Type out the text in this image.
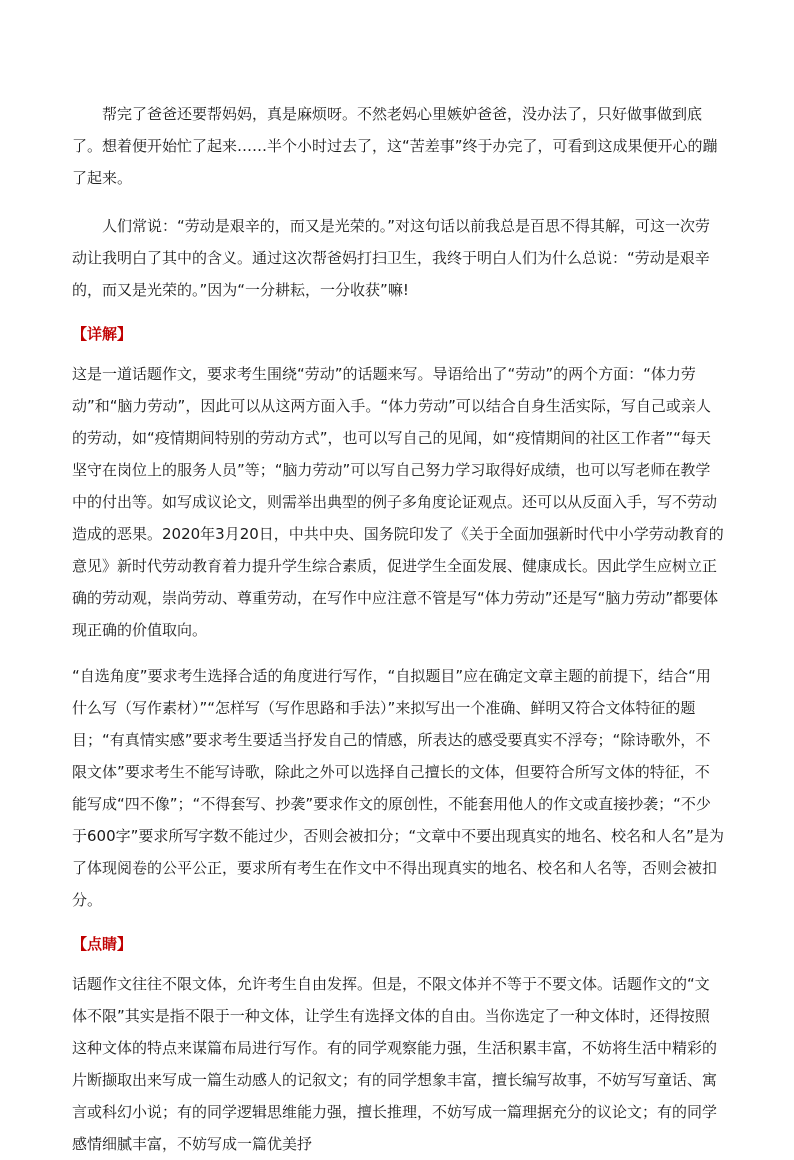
帮完了爸爸还要帮妈妈，真是麻烦呀。不然老妈心里嫉妒爸爸，没办法了，只好做事做到底了。想着便开始忙了起来……半个小时过去了，这“苦差事”终于办完了，可看到这成果便开心的蹦了起来。

人们常说：“劳动是艰辛的，而又是光荣的。”对这句话以前我总是百思不得其解，可这一次劳动让我明白了其中的含义。通过这次帮爸妈打扫卫生，我终于明白人们为什么总说：“劳动是艰辛的，而又是光荣的。”因为“一分耕耘，一分收获”嘛!

【详解】

这是一道话题作文，要求考生围绕“劳动”的话题来写。导语给出了“劳动”的两个方面：“体力劳动”和“脑力劳动”，因此可以从这两方面入手。“体力劳动”可以结合自身生活实际，写自己或亲人的劳动，如“疫情期间特别的劳动方式”，也可以写自己的见闻，如“疫情期间的社区工作者”“每天坚守在岗位上的服务人员”等；“脑力劳动”可以写自己努力学习取得好成绩，也可以写老师在教学中的付出等。如写成议论文，则需举出典型的例子多角度论证观点。还可以从反面入手，写不劳动造成的恶果。2020年3月20日，中共中央、国务院印发了《关于全面加强新时代中小学劳动教育的意见》新时代劳动教育着力提升学生综合素质，促进学生全面发展、健康成长。因此学生应树立正确的劳动观，崇尚劳动、尊重劳动，在写作中应注意不管是写“体力劳动”还是写“脑力劳动”都要体现正确的价值取向。

“自选角度”要求考生选择合适的角度进行写作，“自拟题目”应在确定文章主题的前提下，结合“用什么写（写作素材）”“怎样写（写作思路和手法）”来拟写出一个准确、鲜明又符合文体特征的题目；“有真情实感”要求考生要适当抒发自己的情感，所表达的感受要真实不浮夸；“除诗歌外，不限文体”要求考生不能写诗歌，除此之外可以选择自己擅长的文体，但要符合所写文体的特征，不能写成“四不像”；“不得套写、抄袭”要求作文的原创性，不能套用他人的作文或直接抄袭；“不少于600字”要求所写字数不能过少，否则会被扣分；“文章中不要出现真实的地名、校名和人名”是为了体现阅卷的公平公正，要求所有考生在作文中不得出现真实的地名、校名和人名等，否则会被扣分。

【点睛】

话题作文往往不限文体，允许考生自由发挥。但是，不限文体并不等于不要文体。话题作文的“文体不限”其实是指不限于一种文体，让学生有选择文体的自由。当你选定了一种文体时，还得按照这种文体的特点来谋篇布局进行写作。有的同学观察能力强，生活积累丰富，不妨将生活中精彩的片断撷取出来写成一篇生动感人的记叙文；有的同学想象丰富，擅长编写故事，不妨写写童话、寓言或科幻小说；有的同学逻辑思维能力强，擅长推理，不妨写成一篇理据充分的议论文；有的同学感情细腻丰富，不妨写成一篇优美抒
